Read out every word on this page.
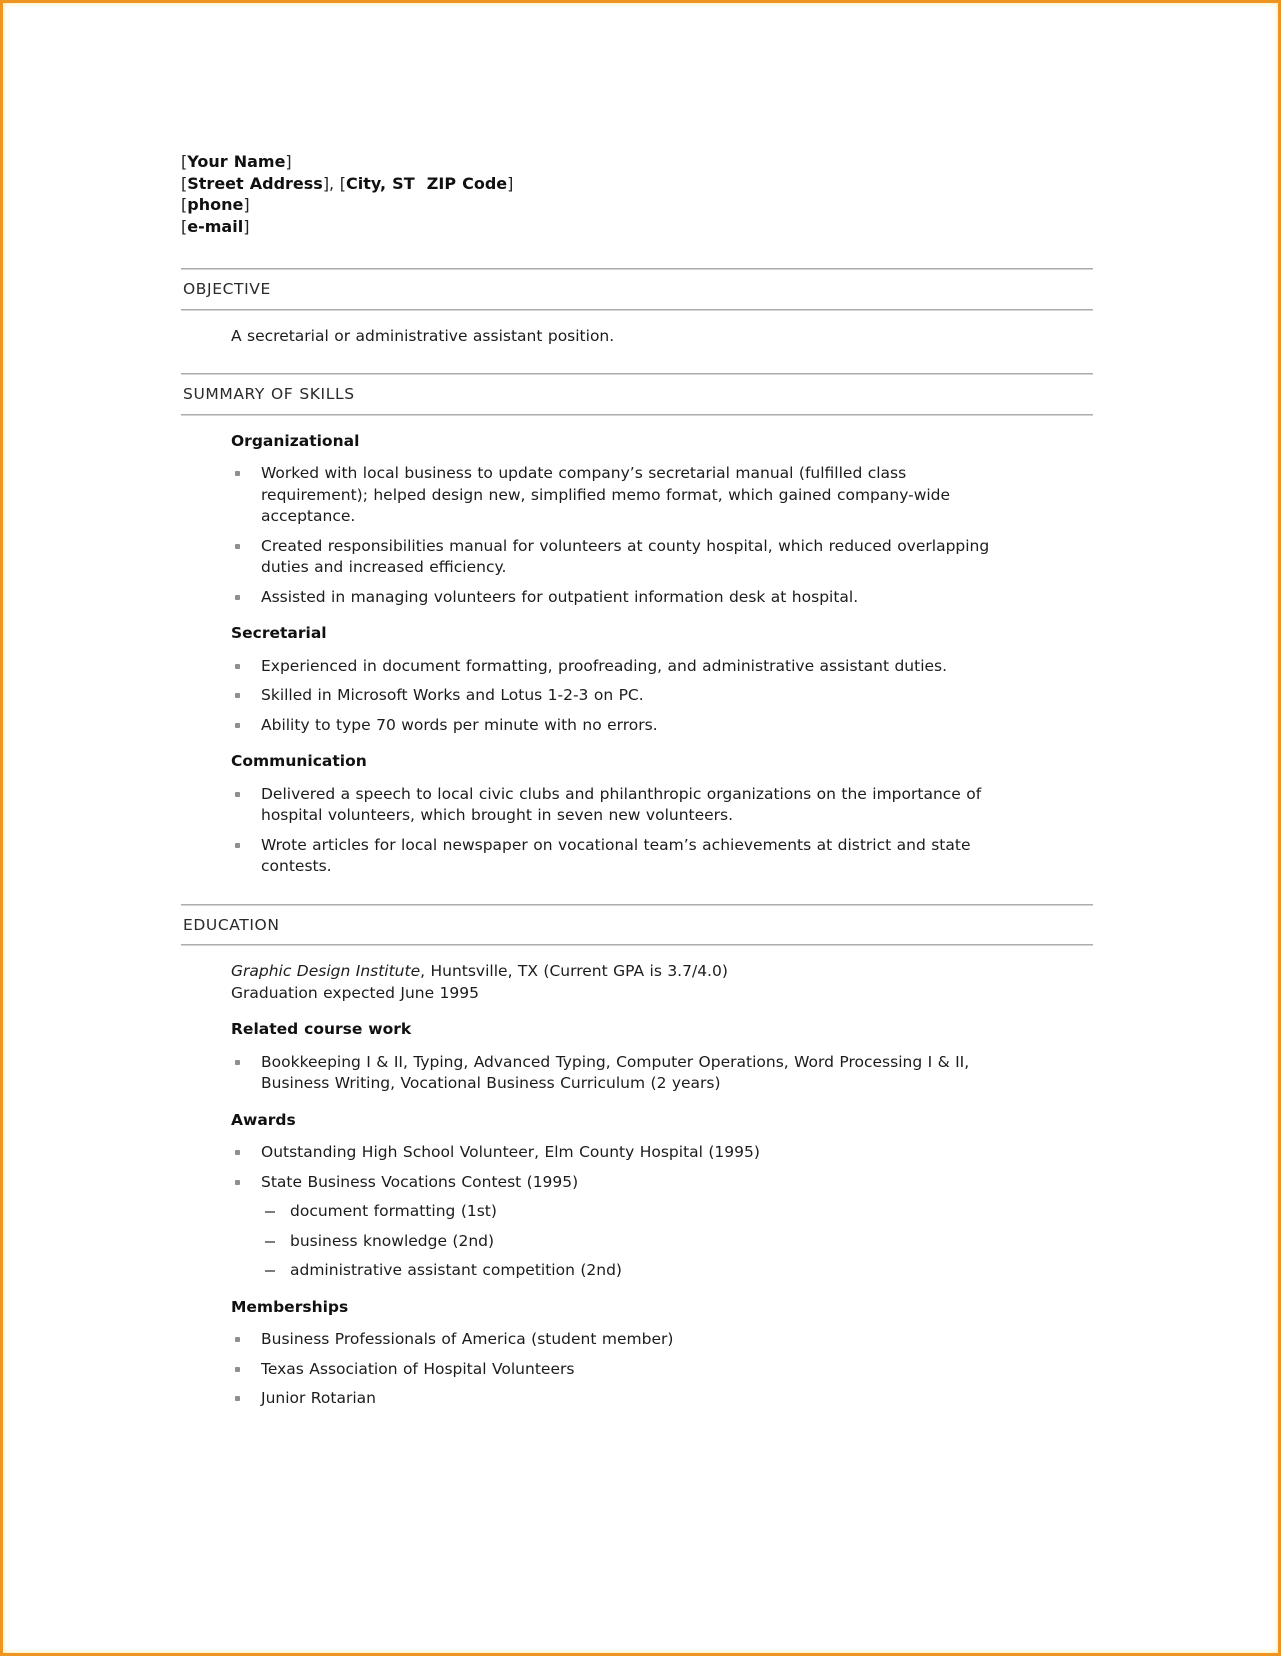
[Your Name]
[Street Address], [City, ST  ZIP Code]
[phone]
[e-mail]
OBJECTIVE

A secretarial or administrative assistant position.

SUMMARY OF SKILLS
Organizational

Worked with local business to update company’s secretarial manual (fulfilled class requirement); helped design new, simplified memo format, which gained company-wide acceptance.

Created responsibilities manual for volunteers at county hospital, which reduced overlapping duties and increased efficiency.

Assisted in managing volunteers for outpatient information desk at hospital.

Secretarial

Experienced in document formatting, proofreading, and administrative assistant duties.

Skilled in Microsoft Works and Lotus 1-2-3 on PC.

Ability to type 70 words per minute with no errors.

Communication

Delivered a speech to local civic clubs and philanthropic organizations on the importance of hospital volunteers, which brought in seven new volunteers.

Wrote articles for local newspaper on vocational team’s achievements at district and state contests.

EDUCATION

Graphic Design Institute, Huntsville, TX (Current GPA is 3.7/4.0)

Graduation expected June 1995

Related course work

Bookkeeping I & II, Typing, Advanced Typing, Computer Operations, Word Processing I & II, Business Writing, Vocational Business Curriculum (2 years)

Awards

Outstanding High School Volunteer, Elm County Hospital (1995)

State Business Vocations Contest (1995)

document formatting (1st)

business knowledge (2nd)

administrative assistant competition (2nd)

Memberships

Business Professionals of America (student member)

Texas Association of Hospital Volunteers

Junior Rotarian
